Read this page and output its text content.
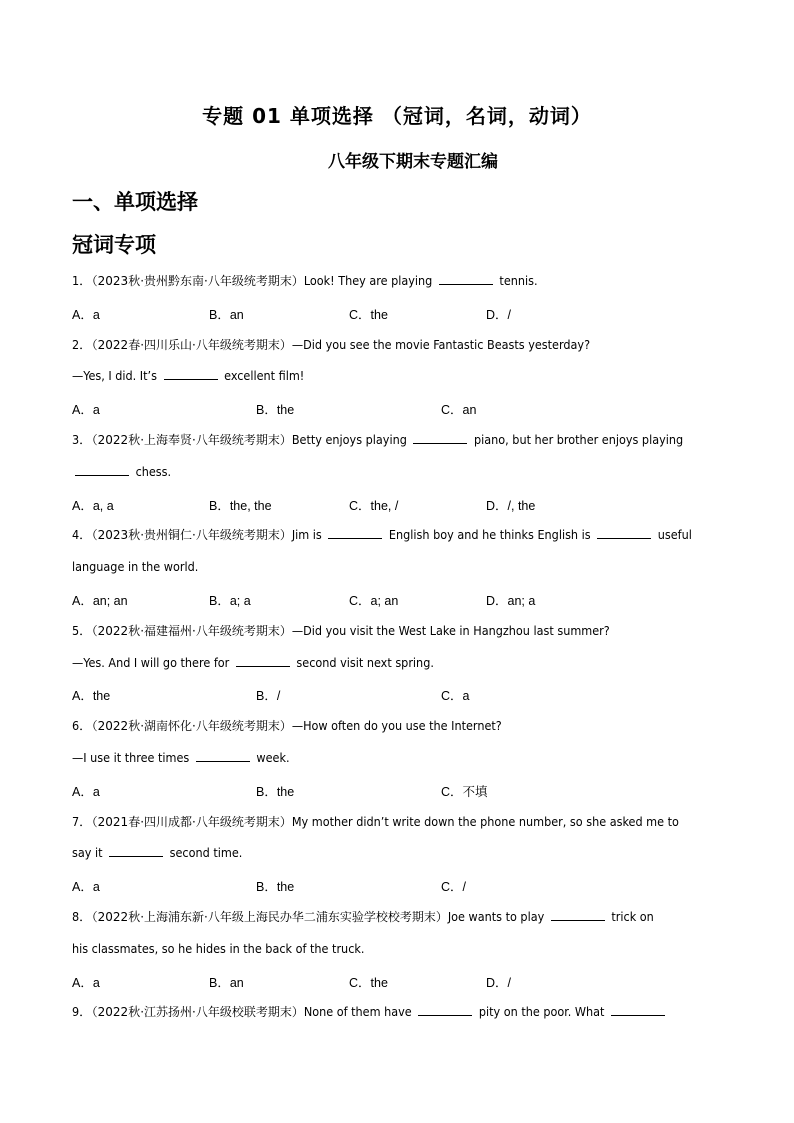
专题 01 单项选择 （冠词，名词，动词）
八年级下期末专题汇编
一、单项选择
冠词专项
1．（2023秋·贵州黔东南·八年级统考期末）Look! They are playing	tennis.
A．a	B．an	C．the	D．/
2．（2022春·四川乐山·八年级统考期末）—Did you see the movie Fantastic Beasts yesterday?
—Yes, I did. It’s	excellent film!
A．a	B．the	C．an
3．（2022秋·上海奉贤·八年级统考期末）Betty enjoys playing	piano, but her brother enjoys playing
chess.
A．a, a	B．the, the	C．the, /	D．/, the
4．（2023秋·贵州铜仁·八年级统考期末）Jim is	English boy and he thinks English is	useful
language in the world.
A．an; an	B．a; a	C．a; an	D．an; a
5．（2022秋·福建福州·八年级统考期末）—Did you visit the West Lake in Hangzhou last summer?
—Yes. And I will go there for	second visit next spring.
A．the	B．/	C．a
6．（2022秋·湖南怀化·八年级统考期末）—How often do you use the Internet?
—I use it three times	week.
A．a	B．the	C．不填
7．（2021春·四川成都·八年级统考期末）My mother didn’t write down the phone number, so she asked me to
say it	second time.
A．a	B．the	C．/
8．（2022秋·上海浦东新·八年级上海民办华二浦东实验学校校考期末）Joe wants to play	trick on
his classmates, so he hides in the back of the truck.
A．a	B．an	C．the	D．/
9．（2022秋·江苏扬州·八年级校联考期末）None of them have	pity on the poor. What
